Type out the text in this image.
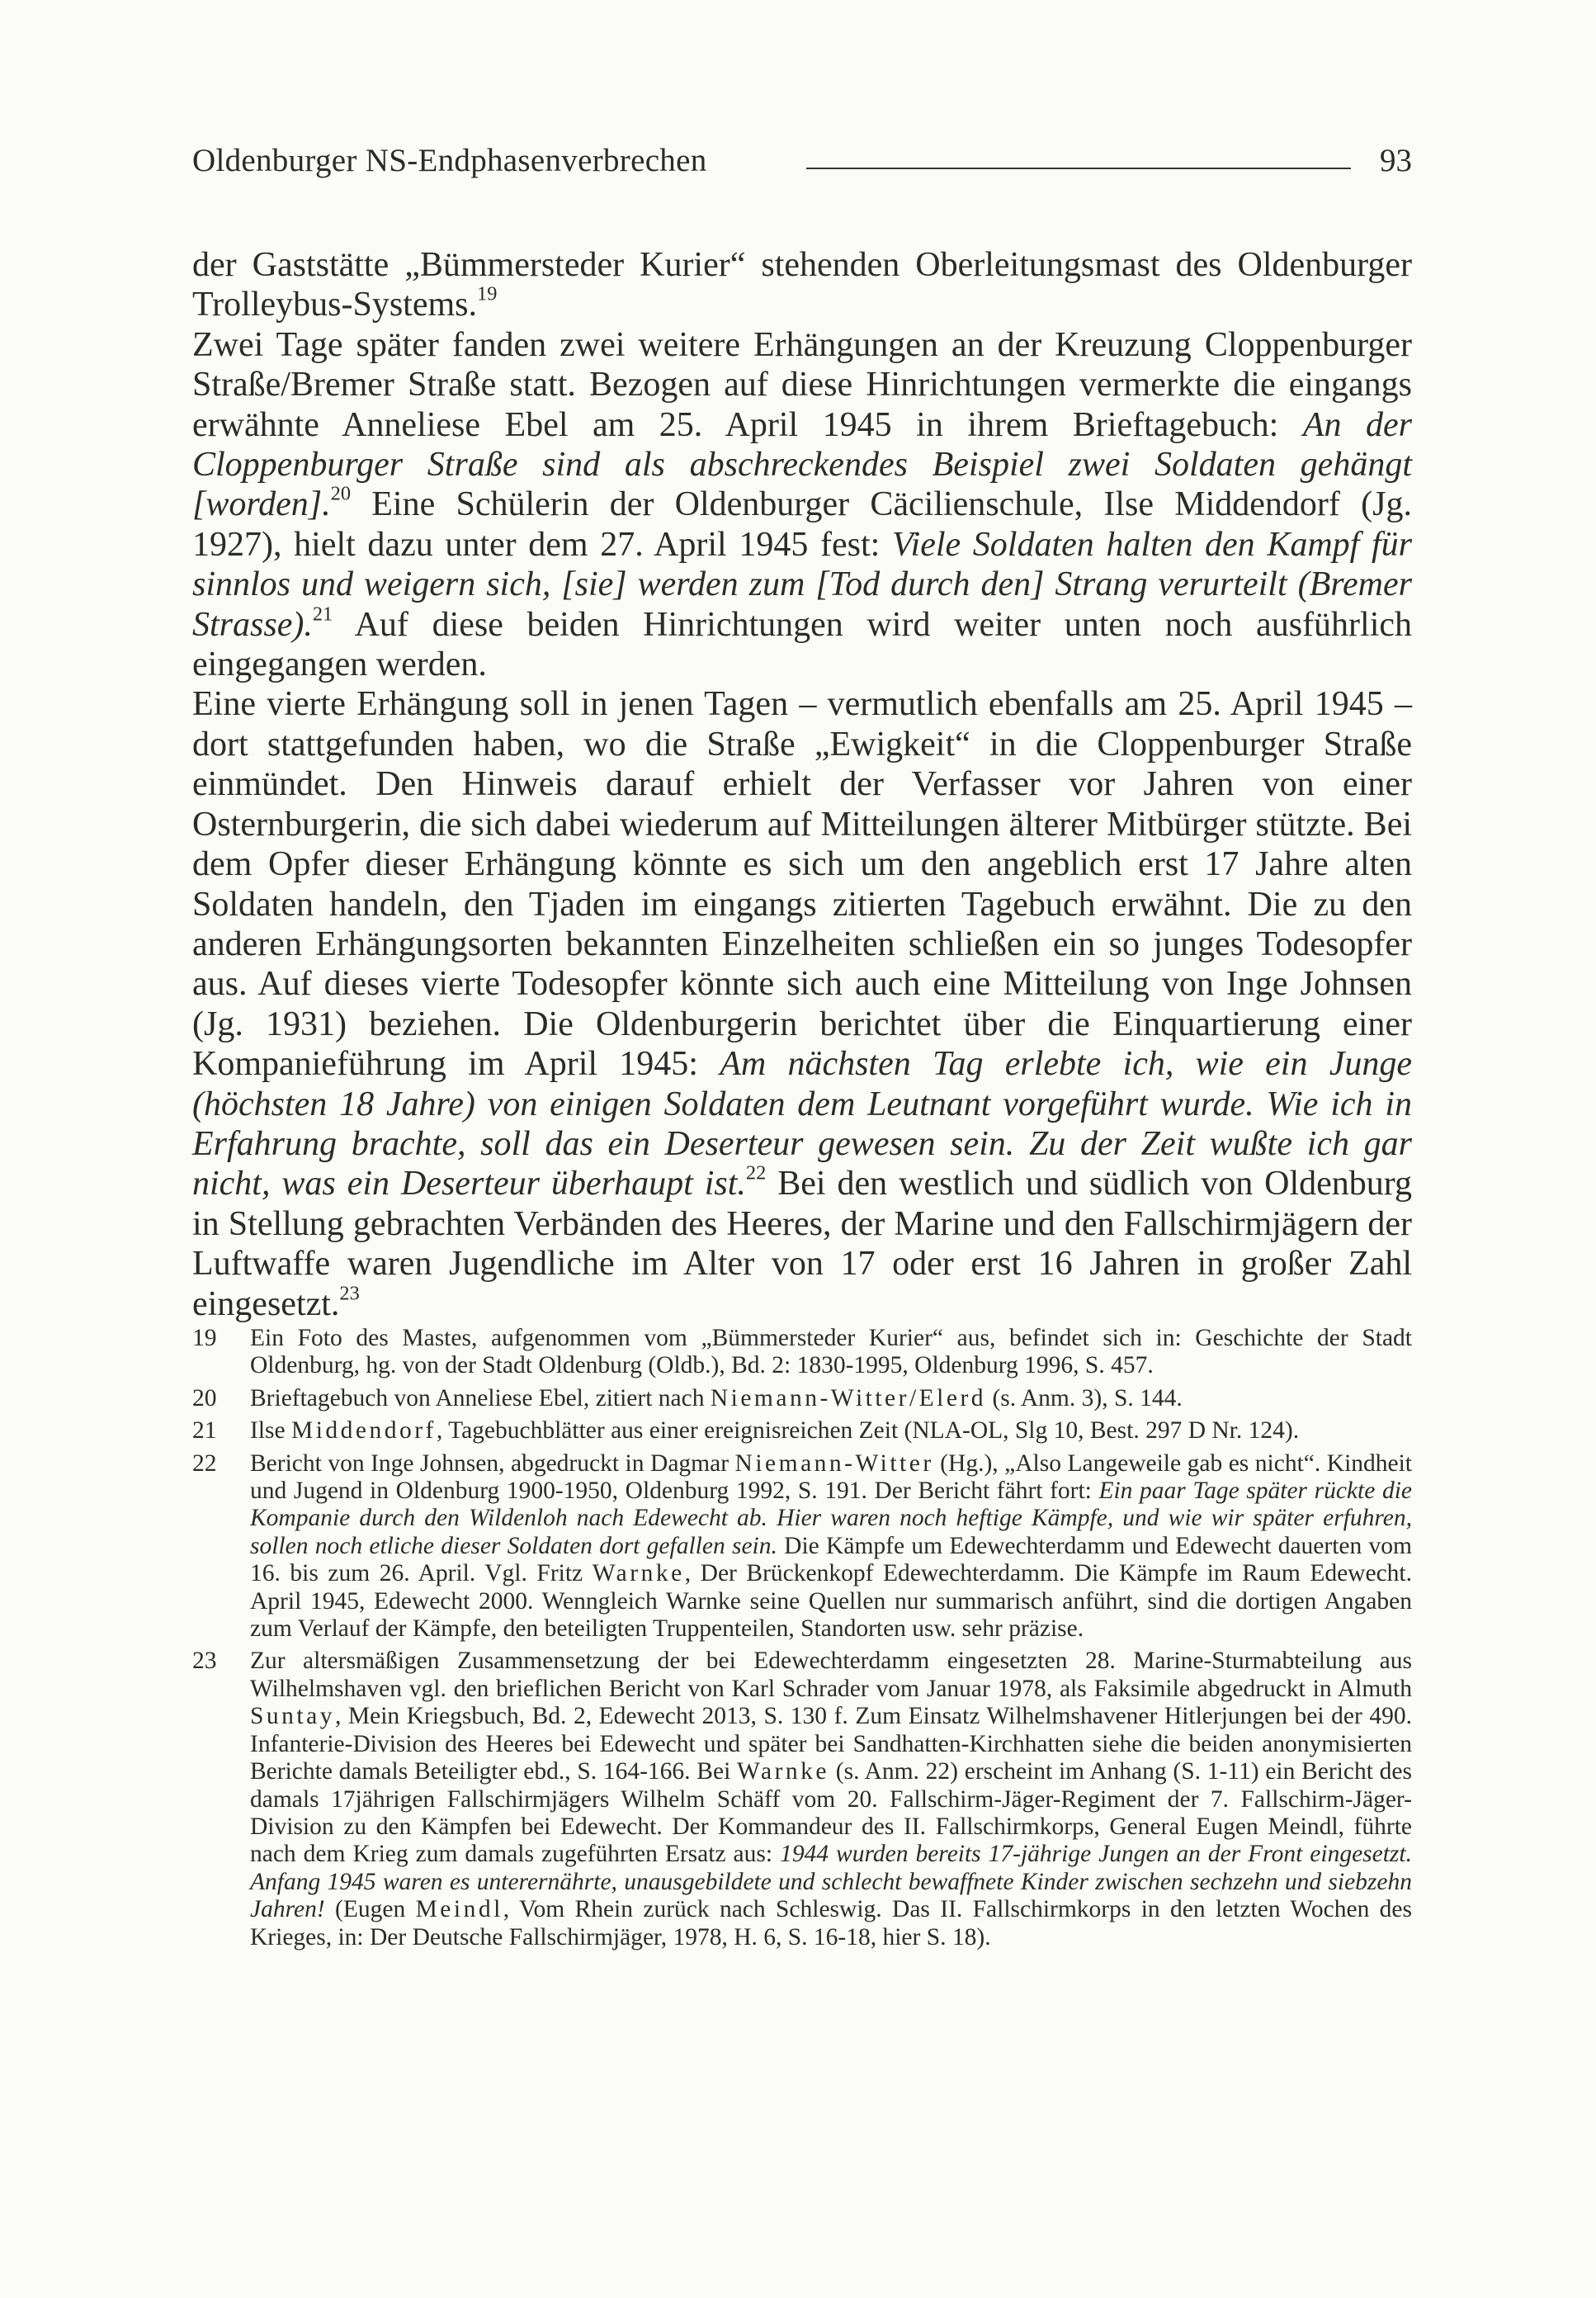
Oldenburger NS-Endphasenverbrechen	93

der Gaststätte „Bümmersteder Kurier“ stehenden Oberleitungsmast des Oldenburger Trolleybus-Systems.$^{19}$

Zwei Tage später fanden zwei weitere Erhängungen an der Kreuzung Cloppenburger Straße/Bremer Straße statt. Bezogen auf diese Hinrichtungen vermerkte die eingangs erwähnte Anneliese Ebel am 25. April 1945 in ihrem Brieftagebuch: An der Cloppenburger Straße sind als abschreckendes Beispiel zwei Soldaten gehängt [worden].$^{20}$ Eine Schülerin der Oldenburger Cäcilienschule, Ilse Middendorf (Jg. 1927), hielt dazu unter dem 27. April 1945 fest: Viele Soldaten halten den Kampf für sinnlos und weigern sich, [sie] werden zum [Tod durch den] Strang verurteilt (Bremer Strasse).$^{21}$ Auf diese beiden Hinrichtungen wird weiter unten noch ausführlich eingegangen werden.

Eine vierte Erhängung soll in jenen Tagen – vermutlich ebenfalls am 25. April 1945 – dort stattgefunden haben, wo die Straße „Ewigkeit“ in die Cloppenburger Straße einmündet. Den Hinweis darauf erhielt der Verfasser vor Jahren von einer Osternburgerin, die sich dabei wiederum auf Mitteilungen älterer Mitbürger stützte. Bei dem Opfer dieser Erhängung könnte es sich um den angeblich erst 17 Jahre alten Soldaten handeln, den Tjaden im eingangs zitierten Tagebuch erwähnt. Die zu den anderen Erhängungsorten bekannten Einzelheiten schließen ein so junges Todesopfer aus. Auf dieses vierte Todesopfer könnte sich auch eine Mitteilung von Inge Johnsen (Jg. 1931) beziehen. Die Oldenburgerin berichtet über die Einquartierung einer Kompanieführung im April 1945: Am nächsten Tag erlebte ich, wie ein Junge (höchsten 18 Jahre) von einigen Soldaten dem Leutnant vorgeführt wurde. Wie ich in Erfahrung brachte, soll das ein Deserteur gewesen sein. Zu der Zeit wußte ich gar nicht, was ein Deserteur überhaupt ist.$^{22}$ Bei den westlich und südlich von Oldenburg in Stellung gebrachten Verbänden des Heeres, der Marine und den Fallschirmjägern der Luftwaffe waren Jugendliche im Alter von 17 oder erst 16 Jahren in großer Zahl eingesetzt.$^{23}$

19	Ein Foto des Mastes, aufgenommen vom „Bümmersteder Kurier“ aus, befindet sich in: Geschichte der Stadt Oldenburg, hg. von der Stadt Oldenburg (Oldb.), Bd. 2: 1830-1995, Oldenburg 1996, S. 457.
20	Brieftagebuch von Anneliese Ebel, zitiert nach Niemann-Witter/Elerd (s. Anm. 3), S. 144.
21	Ilse Middendorf, Tagebuchblätter aus einer ereignisreichen Zeit (NLA-OL, Slg 10, Best. 297 D Nr. 124).
22	Bericht von Inge Johnsen, abgedruckt in Dagmar Niemann-Witter (Hg.), „Also Langeweile gab es nicht“. Kindheit und Jugend in Oldenburg 1900-1950, Oldenburg 1992, S. 191. Der Bericht fährt fort: Ein paar Tage später rückte die Kompanie durch den Wildenloh nach Edewecht ab. Hier waren noch heftige Kämpfe, und wie wir später erfuhren, sollen noch etliche dieser Soldaten dort gefallen sein. Die Kämpfe um Edewechterdamm und Edewecht dauerten vom 16. bis zum 26. April. Vgl. Fritz Warnke, Der Brückenkopf Edewechterdamm. Die Kämpfe im Raum Edewecht. April 1945, Edewecht 2000. Wenngleich Warnke seine Quellen nur summarisch anführt, sind die dortigen Angaben zum Verlauf der Kämpfe, den beteiligten Truppenteilen, Standorten usw. sehr präzise.
23	Zur altersmäßigen Zusammensetzung der bei Edewechterdamm eingesetzten 28. Marine-Sturmabteilung aus Wilhelmshaven vgl. den brieflichen Bericht von Karl Schrader vom Januar 1978, als Faksimile abgedruckt in Almuth Suntay, Mein Kriegsbuch, Bd. 2, Edewecht 2013, S. 130 f. Zum Einsatz Wilhelmshavener Hitlerjungen bei der 490. Infanterie-Division des Heeres bei Edewecht und später bei Sandhatten-Kirchhatten siehe die beiden anonymisierten Berichte damals Beteiligter ebd., S. 164-166. Bei Warnke (s. Anm. 22) erscheint im Anhang (S. 1-11) ein Bericht des damals 17jährigen Fallschirmjägers Wilhelm Schäff vom 20. Fallschirm-Jäger-Regiment der 7. Fallschirm-Jäger-Division zu den Kämpfen bei Edewecht. Der Kommandeur des II. Fallschirmkorps, General Eugen Meindl, führte nach dem Krieg zum damals zugeführten Ersatz aus: 1944 wurden bereits 17-jährige Jungen an der Front eingesetzt. Anfang 1945 waren es unterernährte, unausgebildete und schlecht bewaffnete Kinder zwischen sechzehn und siebzehn Jahren! (Eugen Meindl, Vom Rhein zurück nach Schleswig. Das II. Fallschirmkorps in den letzten Wochen des Krieges, in: Der Deutsche Fallschirmjäger, 1978, H. 6, S. 16-18, hier S. 18).
